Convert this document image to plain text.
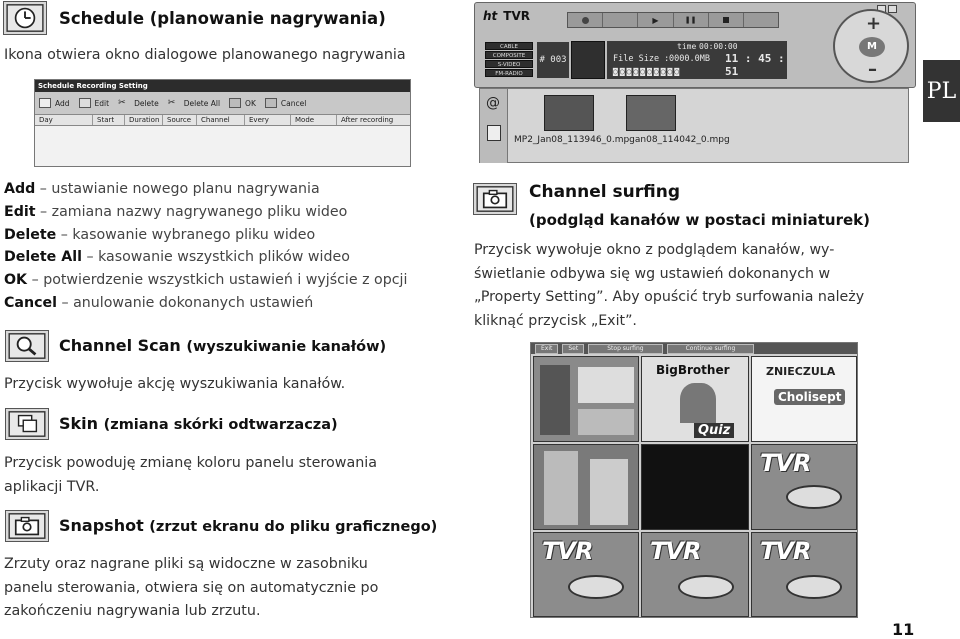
Schedule (planowanie nagrywania)
Ikona otwiera okno dialogowe planowanego nagrywania
Schedule Recording Setting
Add	Edit ✂	Delete ✂	Delete All	OK	Cancel
Day	Start	Duration	Source	Channel	Every	Mode	After recording
Add – ustawianie nowego planu nagrywania
Edit – zamiana nazwy nagrywanego pliku wideo
Delete – kasowanie wybranego pliku wideo
Delete All – kasowanie wszystkich plików wideo
OK – potwierdzenie wszystkich ustawień i wyjście z opcji
Cancel – anulowanie dokonanych ustawień
Channel Scan (wyszukiwanie kanałów)
Przycisk wywołuje akcję wyszukiwania kanałów.
Skin (zmiana skórki odtwarzacza)
Przycisk powoduję zmianę koloru panelu sterowania
aplikacji TVR.
Snapshot (zrzut ekranu do pliku graficznego)
Zrzuty oraz nagrane pliki są widoczne w zasobniku
panelu sterowania, otwiera się on automatycznie po
zakończeniu nagrywania lub zrzutu.
ht TVR	▶	❚❚
CABLE
COMPOSITE
S-VIDEO
FM-RADIO
# 003
time 00:00:00
File Size : 0000.0MB 11 : 45 : 51
◙◙◙◙◙◙◙◙◙◙
+
–
M
@
MP2_Jan08_113946_0.mpgan08_114042_0.mpg
PL
Channel surfing
(podgląd kanałów w postaci miniaturek)
Przycisk wywołuje okno z podglądem kanałów, wy-
świetlanie odbywa się wg ustawień dokonanych w
„Property Setting”. Aby opuścić tryb surfowania należy
kliknąć przycisk „Exit”.
Exit	Set	Stop surfing	Continue surfing
BigBrother
Quiz
ZNIECZULA
Cholisept
TVR
TVR TVR TVR
11
